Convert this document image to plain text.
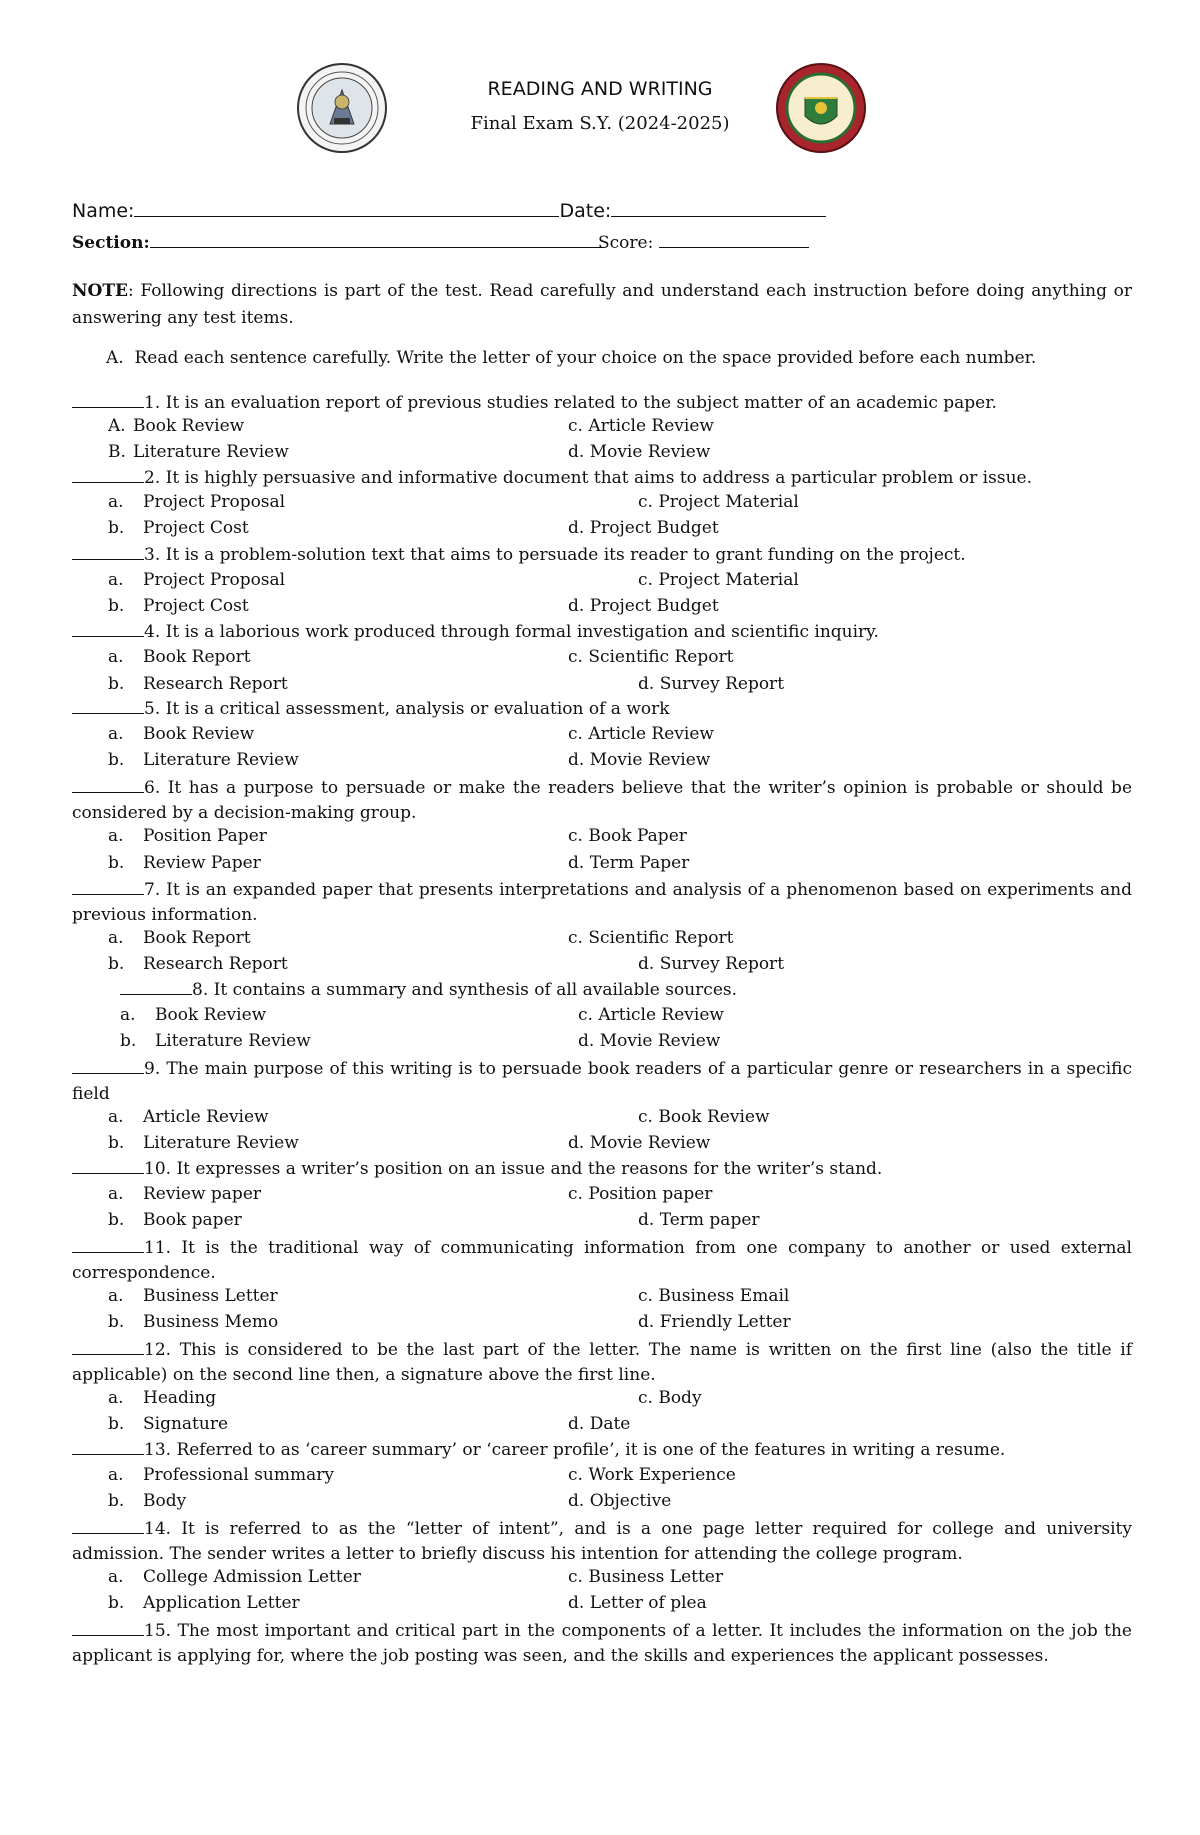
READING AND WRITING
Final Exam S.Y. (2024-2025)
Name:	Date:
Section:	Score:
NOTE: Following directions is part of the test. Read carefully and understand each instruction before doing anything or answering any test items.
A. Read each sentence carefully. Write the letter of your choice on the space provided before each number.
1. It is an evaluation report of previous studies related to the subject matter of an academic paper.
A. Book Review
B. Literature Review
c. Article Review
d. Movie Review
2. It is highly persuasive and informative document that aims to address a particular problem or issue.
a. Project Proposal
b. Project Cost
c. Project Material
d. Project Budget
3. It is a problem-solution text that aims to persuade its reader to grant funding on the project.
a. Project Proposal
b. Project Cost
c. Project Material
d. Project Budget
4. It is a laborious work produced through formal investigation and scientific inquiry.
a. Book Report
b. Research Report
c. Scientific Report
d. Survey Report
5. It is a critical assessment, analysis or evaluation of a work
a. Book Review
b. Literature Review
c. Article Review
d. Movie Review
6. It has a purpose to persuade or make the readers believe that the writer’s opinion is probable or should be considered by a decision-making group.
a. Position Paper
b. Review Paper
c. Book Paper
d. Term Paper
7. It is an expanded paper that presents interpretations and analysis of a phenomenon based on experiments and previous information.
a. Book Report
b. Research Report
c. Scientific Report
d. Survey Report
8. It contains a summary and synthesis of all available sources.
a. Book Review
b. Literature Review
c. Article Review
d. Movie Review
9. The main purpose of this writing is to persuade book readers of a particular genre or researchers in a specific field
a. Article Review
b. Literature Review
c. Book Review
d. Movie Review
10. It expresses a writer’s position on an issue and the reasons for the writer’s stand.
a. Review paper
b. Book paper
c. Position paper
d. Term paper
11. It is the traditional way of communicating information from one company to another or used external correspondence.
a. Business Letter
b. Business Memo
c. Business Email
d. Friendly Letter
12. This is considered to be the last part of the letter. The name is written on the first line (also the title if applicable) on the second line then, a signature above the first line.
a. Heading
b. Signature
c. Body
d. Date
13. Referred to as ‘career summary’ or ‘career profile’, it is one of the features in writing a resume.
a. Professional summary
b. Body
c. Work Experience
d. Objective
14. It is referred to as the “letter of intent”, and is a one page letter required for college and university admission. The sender writes a letter to briefly discuss his intention for attending the college program.
a. College Admission Letter
b. Application Letter
c. Business Letter
d. Letter of plea
15. The most important and critical part in the components of a letter. It includes the information on the job the applicant is applying for, where the job posting was seen, and the skills and experiences the applicant possesses.
